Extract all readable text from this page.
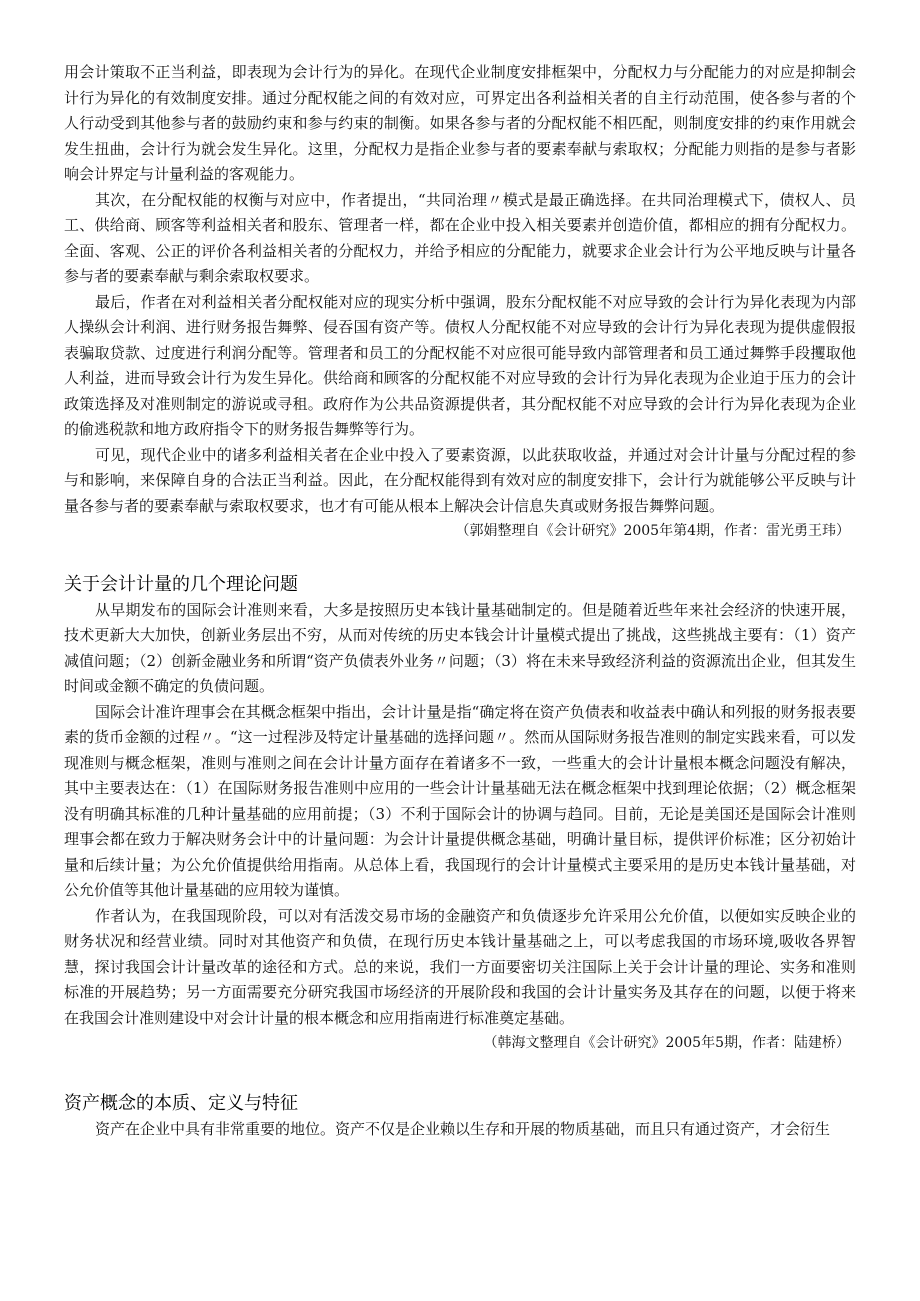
用会计策取不正当利益，即表现为会计行为的异化。在现代企业制度安排框架中，分配权力与分配能力的对应是抑制会计行为异化的有效制度安排。通过分配权能之间的有效对应，可界定出各利益相关者的自主行动范围，使各参与者的个人行动受到其他参与者的鼓励约束和参与约束的制衡。如果各参与者的分配权能不相匹配，则制度安排的约束作用就会发生扭曲，会计行为就会发生异化。这里，分配权力是指企业参与者的要素奉献与索取权；分配能力则指的是参与者影响会计界定与计量利益的客观能力。

其次，在分配权能的权衡与对应中，作者提出，“共同治理〃模式是最正确选择。在共同治理模式下，债权人、员工、供给商、顾客等利益相关者和股东、管理者一样，都在企业中投入相关要素并创造价值，都相应的拥有分配权力。全面、客观、公正的评价各利益相关者的分配权力，并给予相应的分配能力，就要求企业会计行为公平地反映与计量各参与者的要素奉献与剩余索取权要求。

最后，作者在对利益相关者分配权能对应的现实分析中强调，股东分配权能不对应导致的会计行为异化表现为内部人操纵会计利润、进行财务报告舞弊、侵吞国有资产等。债权人分配权能不对应导致的会计行为异化表现为提供虚假报表骗取贷款、过度进行利润分配等。管理者和员工的分配权能不对应很可能导致内部管理者和员工通过舞弊手段攫取他人利益，进而导致会计行为发生异化。供给商和顾客的分配权能不对应导致的会计行为异化表现为企业迫于压力的会计政策选择及对准则制定的游说或寻租。政府作为公共品资源提供者，其分配权能不对应导致的会计行为异化表现为企业的偷逃税款和地方政府指令下的财务报告舞弊等行为。

可见，现代企业中的诸多利益相关者在企业中投入了要素资源，以此获取收益，并通过对会计计量与分配过程的参与和影响，来保障自身的合法正当利益。因此，在分配权能得到有效对应的制度安排下，会计行为就能够公平反映与计量各参与者的要素奉献与索取权要求，也才有可能从根本上解决会计信息失真或财务报告舞弊问题。

（郭娟整理自《会计研究》2005年第4期，作者：雷光勇王玮）

关于会计计量的几个理论问题

从早期发布的国际会计准则来看，大多是按照历史本钱计量基础制定的。但是随着近些年来社会经济的快速开展，技术更新大大加快，创新业务层出不穷，从而对传统的历史本钱会计计量模式提出了挑战，这些挑战主要有：（1）资产减值问题；（2）创新金融业务和所谓“资产负债表外业务〃问题；（3）将在未来导致经济利益的资源流出企业，但其发生时间或金额不确定的负债问题。

国际会计准许理事会在其概念框架中指出，会计计量是指“确定将在资产负债表和收益表中确认和列报的财务报表要素的货币金额的过程〃。“这一过程涉及特定计量基础的选择问题〃。然而从国际财务报告准则的制定实践来看，可以发现准则与概念框架，准则与准则之间在会计计量方面存在着诸多不一致，一些重大的会计计量根本概念问题没有解决，其中主要表达在：（1）在国际财务报告准则中应用的一些会计计量基础无法在概念框架中找到理论依据；（2）概念框架没有明确其标准的几种计量基础的应用前提；（3）不利于国际会计的协调与趋同。目前，无论是美国还是国际会计准则理事会都在致力于解决财务会计中的计量问题：为会计计量提供概念基础，明确计量目标，提供评价标准；区分初始计量和后续计量；为公允价值提供给用指南。从总体上看，我国现行的会计计量模式主要采用的是历史本钱计量基础，对公允价值等其他计量基础的应用较为谨慎。

作者认为，在我国现阶段，可以对有活泼交易市场的金融资产和负债逐步允许采用公允价值，以便如实反映企业的财务状况和经营业绩。同时对其他资产和负债，在现行历史本钱计量基础之上，可以考虑我国的市场环境,吸收各界智慧，探讨我国会计计量改革的途径和方式。总的来说，我们一方面要密切关注国际上关于会计计量的理论、实务和准则标准的开展趋势；另一方面需要充分研究我国市场经济的开展阶段和我国的会计计量实务及其存在的问题，以便于将来在我国会计准则建设中对会计计量的根本概念和应用指南进行标准奠定基础。

（韩海文整理自《会计研究》2005年5期，作者：陆建桥）

资产概念的本质、定义与特征

资产在企业中具有非常重要的地位。资产不仅是企业赖以生存和开展的物质基础，而且只有通过资产，才会衍生
